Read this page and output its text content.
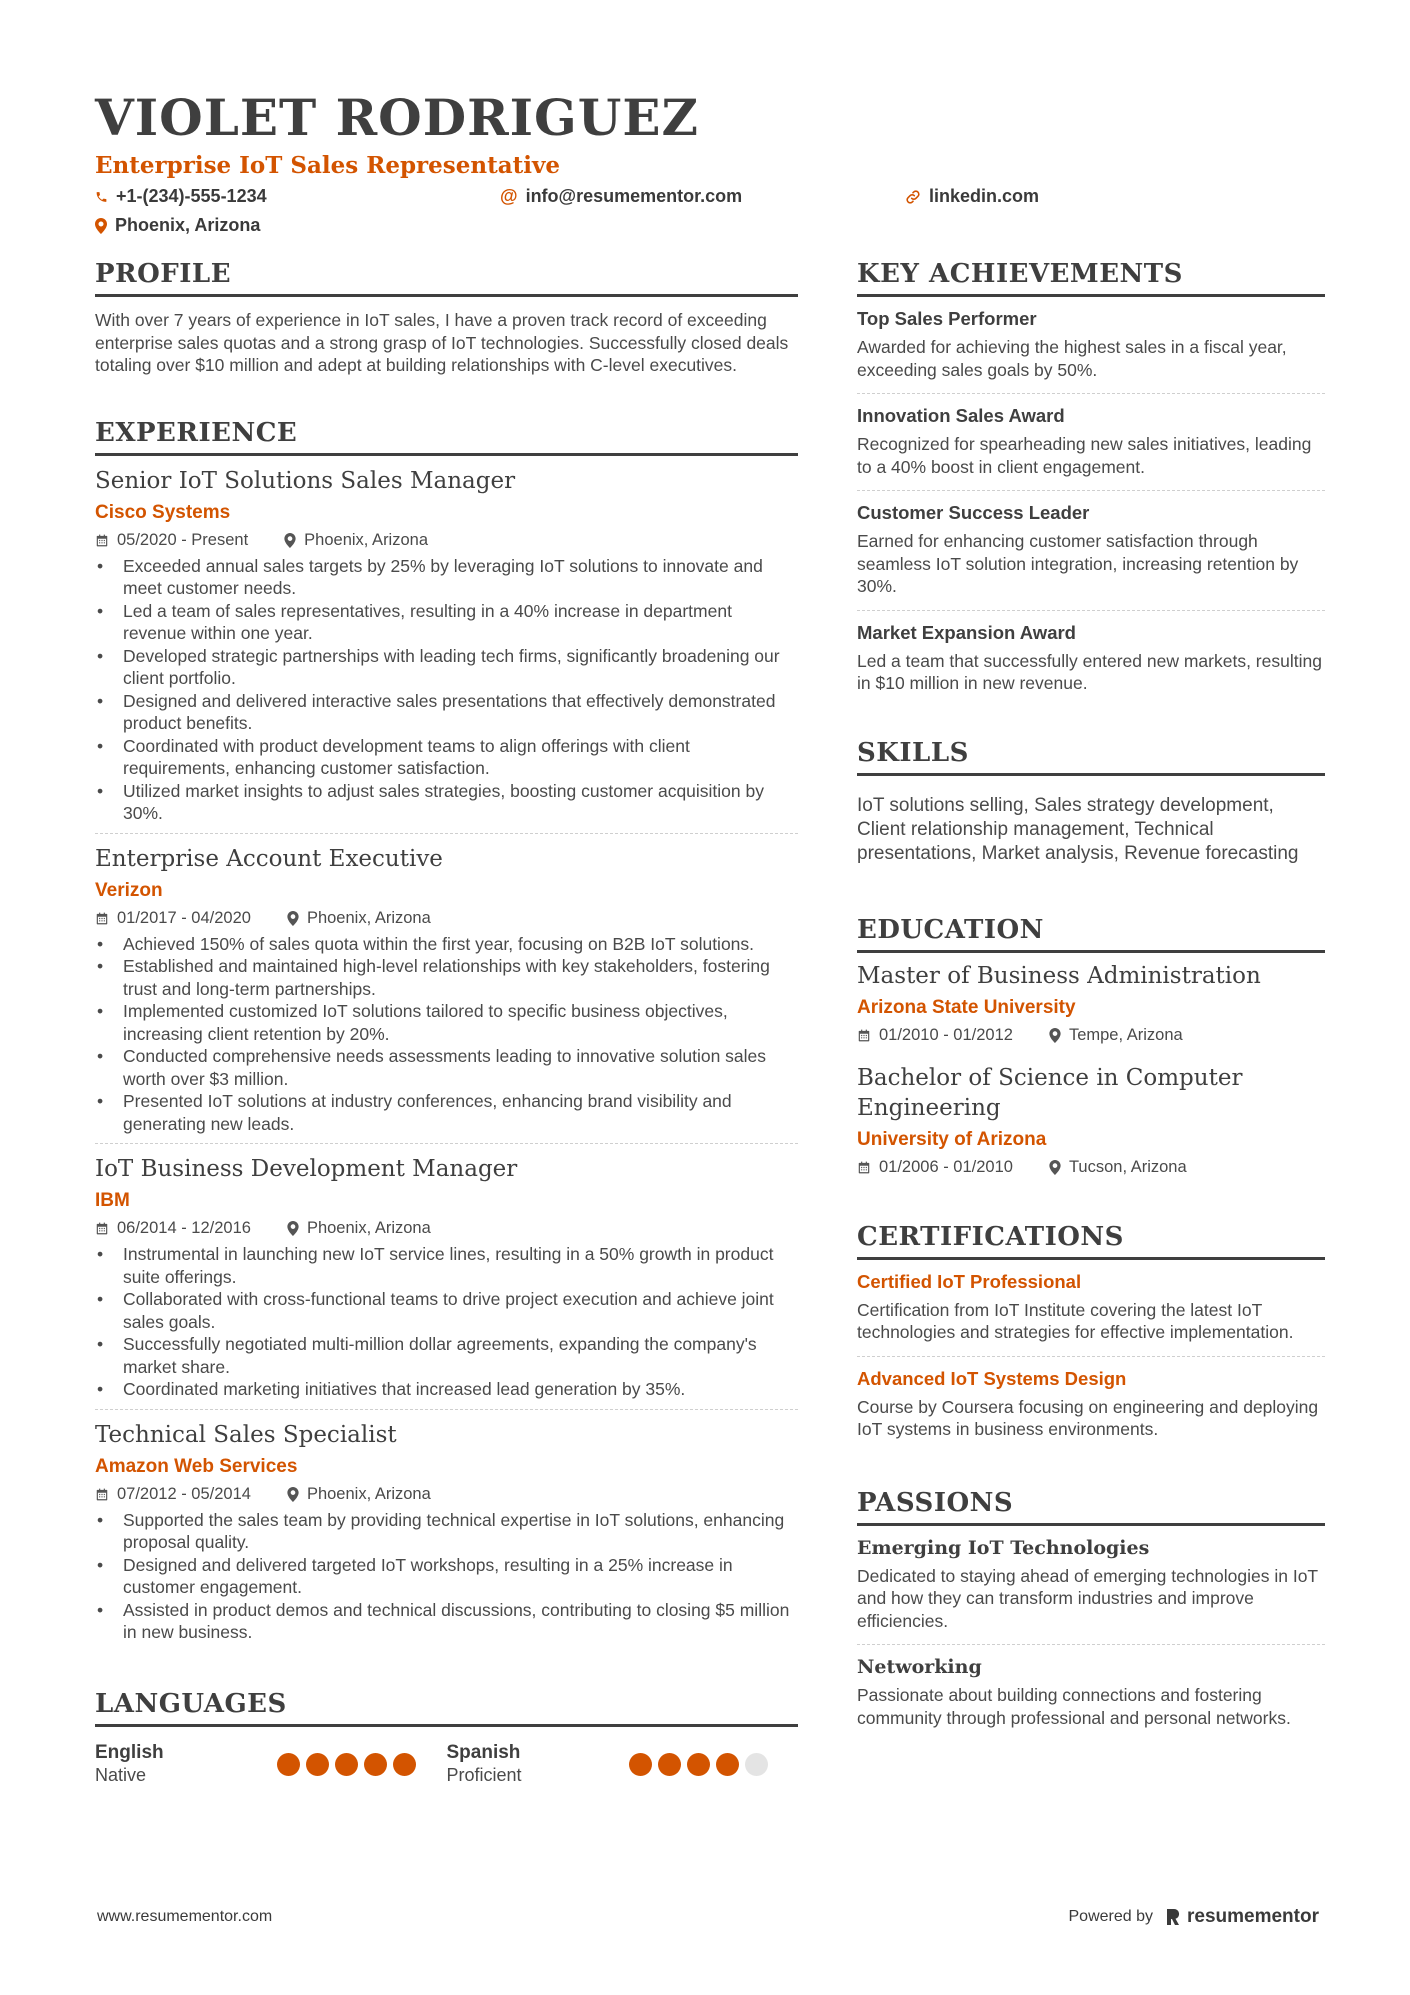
VIOLET RODRIGUEZ
Enterprise IoT Sales Representative
+1-(234)-555-1234	@ info@resumementor.com	linkedin.com
Phoenix, Arizona
PROFILE
With over 7 years of experience in IoT sales, I have a proven track record of exceeding enterprise sales quotas and a strong grasp of IoT technologies. Successfully closed deals totaling over $10 million and adept at building relationships with C-level executives.
EXPERIENCE
Senior IoT Solutions Sales Manager
Cisco Systems
05/2020 - Present	Phoenix, Arizona
• Exceeded annual sales targets by 25% by leveraging IoT solutions to innovate and meet customer needs.
• Led a team of sales representatives, resulting in a 40% increase in department revenue within one year.
• Developed strategic partnerships with leading tech firms, significantly broadening our client portfolio.
• Designed and delivered interactive sales presentations that effectively demonstrated product benefits.
• Coordinated with product development teams to align offerings with client requirements, enhancing customer satisfaction.
• Utilized market insights to adjust sales strategies, boosting customer acquisition by 30%.
Enterprise Account Executive
Verizon
01/2017 - 04/2020	Phoenix, Arizona
• Achieved 150% of sales quota within the first year, focusing on B2B IoT solutions.
• Established and maintained high-level relationships with key stakeholders, fostering trust and long-term partnerships.
• Implemented customized IoT solutions tailored to specific business objectives, increasing client retention by 20%.
• Conducted comprehensive needs assessments leading to innovative solution sales worth over $3 million.
• Presented IoT solutions at industry conferences, enhancing brand visibility and generating new leads.
IoT Business Development Manager
IBM
06/2014 - 12/2016	Phoenix, Arizona
• Instrumental in launching new IoT service lines, resulting in a 50% growth in product suite offerings.
• Collaborated with cross-functional teams to drive project execution and achieve joint sales goals.
• Successfully negotiated multi-million dollar agreements, expanding the company's market share.
• Coordinated marketing initiatives that increased lead generation by 35%.
Technical Sales Specialist
Amazon Web Services
07/2012 - 05/2014	Phoenix, Arizona
• Supported the sales team by providing technical expertise in IoT solutions, enhancing proposal quality.
• Designed and delivered targeted IoT workshops, resulting in a 25% increase in customer engagement.
• Assisted in product demos and technical discussions, contributing to closing $5 million in new business.
LANGUAGES
English
Native
Spanish
Proficient
KEY ACHIEVEMENTS
Top Sales Performer
Awarded for achieving the highest sales in a fiscal year, exceeding sales goals by 50%.
Innovation Sales Award
Recognized for spearheading new sales initiatives, leading to a 40% boost in client engagement.
Customer Success Leader
Earned for enhancing customer satisfaction through seamless IoT solution integration, increasing retention by 30%.
Market Expansion Award
Led a team that successfully entered new markets, resulting in $10 million in new revenue.
SKILLS
IoT solutions selling, Sales strategy development, Client relationship management, Technical presentations, Market analysis, Revenue forecasting
EDUCATION
Master of Business Administration
Arizona State University
01/2010 - 01/2012	Tempe, Arizona
Bachelor of Science in Computer Engineering
University of Arizona
01/2006 - 01/2010	Tucson, Arizona
CERTIFICATIONS
Certified IoT Professional
Certification from IoT Institute covering the latest IoT technologies and strategies for effective implementation.
Advanced IoT Systems Design
Course by Coursera focusing on engineering and deploying IoT systems in business environments.
PASSIONS
Emerging IoT Technologies
Dedicated to staying ahead of emerging technologies in IoT and how they can transform industries and improve efficiencies.
Networking
Passionate about building connections and fostering community through professional and personal networks.
www.resumementor.com	Powered by resumementor
